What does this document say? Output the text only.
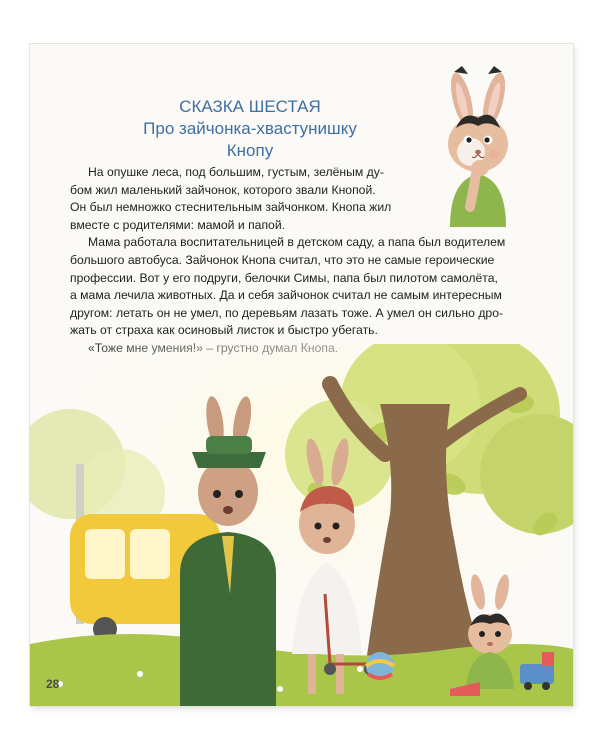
СКАЗКА ШЕСТАЯ
Про зайчонка-хвастунишку
Кнопу
На опушке леса, под большим, густым, зелёным ду-
бом жил маленький зайчонок, которого звали Кнопой.
Он был немножко стеснительным зайчонком. Кнопа жил
вместе с родителями: мамой и папой.
Мама работала воспитательницей в детском саду, а папа был водителем
большого автобуса. Зайчонок Кнопа считал, что это не самые героические
профессии. Вот у его подруги, белочки Симы, папа был пилотом самолёта,
а мама лечила животных. Да и себя зайчонок считал не самым интересным
другом: летать он не умел, по деревьям лазать тоже. А умел он сильно дро-
жать от страха как осиновый листок и быстро убегать.
28
